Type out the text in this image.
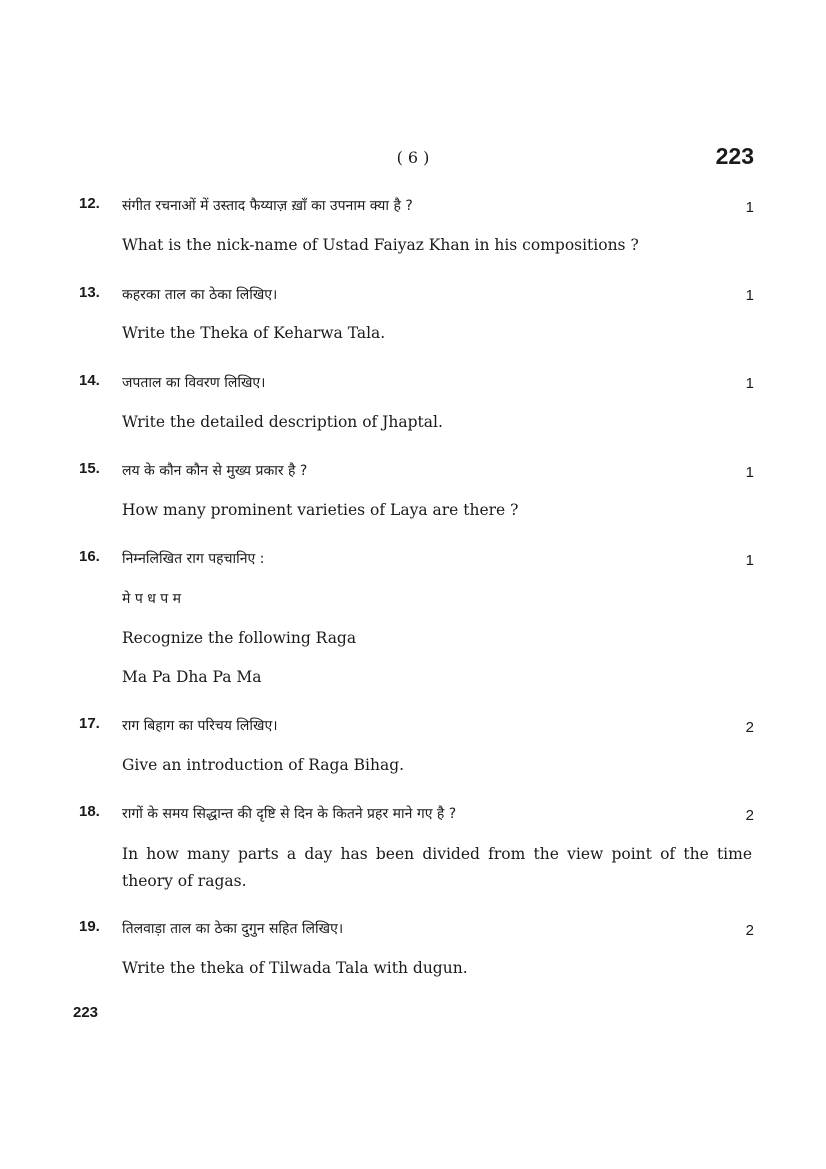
( 6 )	223
12. संगीत रचनाओं में उस्ताद फैय्याज़ ख़ाँ का उपनाम क्या है ?	1
What is the nick-name of Ustad Faiyaz Khan in his compositions ?
13. कहरका ताल का ठेका लिखिए।	1
Write the Theka of Keharwa Tala.
14. जपताल का विवरण लिखिए।	1
Write the detailed description of Jhaptal.
15. लय के कौन कौन से मुख्य प्रकार है ?	1
How many prominent varieties of Laya are there ?
16. निम्नलिखित राग पहचानिए :	1
मे प ध प म
Recognize the following Raga
Ma Pa Dha Pa Ma
17. राग बिहाग का परिचय लिखिए।	2
Give an introduction of Raga Bihag.
18. रागों के समय सिद्धान्त की दृष्टि से दिन के कितने प्रहर माने गए है ?	2
In how many parts a day has been divided from the view point of the time theory of ragas.
19. तिलवाड़ा ताल का ठेका दुगुन सहित लिखिए।	2
Write the theka of Tilwada Tala with dugun.
223
